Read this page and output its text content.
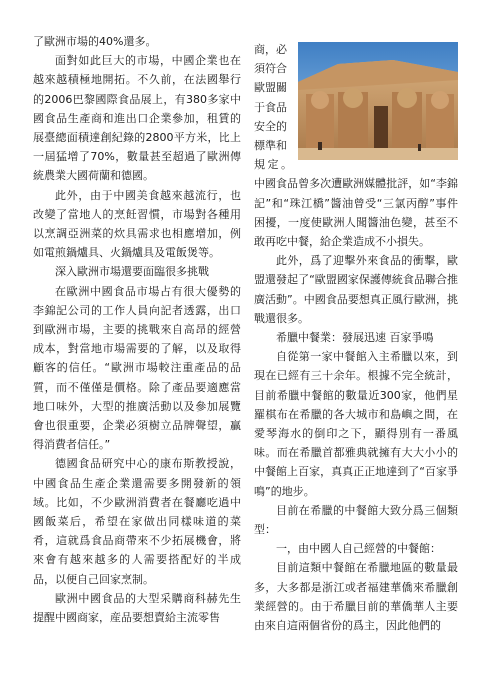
了歐洲市場的40%還多。

面對如此巨大的市場，中國企業也在越來越積極地開拓。不久前，在法國舉行的2006巴黎國際食品展上，有380多家中國食品生產商和進出口企業參加，租賃的展臺總面積達創紀錄的2800平方米，比上一屆猛增了70%，數量甚至超過了歐洲傳統農業大國荷蘭和德國。

此外，由于中國美食越來越流行，也改變了當地人的烹飪習慣，市場對各種用以烹調亞洲菜的炊具需求也相應增加，例如電煎鍋爐具、火鍋爐具及電飯煲等。

深入歐洲市場還要面臨很多挑戰

在歐洲中國食品市場占有很大優勢的李錦記公司的工作人員向記者透露，出口到歐洲市場，主要的挑戰來自高昂的經營成本，對當地市場需要的了解，以及取得顧客的信任。“歐洲市場較注重產品的品質，而不僅僅是價格。除了產品要適應當地口味外，大型的推廣活動以及參加展覽會也很重要，企業必須樹立品牌聲望，贏得消費者信任。”

德國食品研究中心的康布斯教授說，中國食品生產企業還需要多開發新的領域。比如，不少歐洲消費者在餐廳吃過中國飯菜后，希望在家做出同樣味道的菜肴，這就爲食品商帶來不少拓展機會，將來會有越來越多的人需要搭配好的半成品，以便自己回家烹制。

歐洲中國食品的大型采購商科赫先生提醒中國商家，産品要想賣給主流零售

商，必
須符合
歐盟關
于食品
安全的
標準和

規定。中國食品曾多次遭歐洲媒體批評，如“李錦記”和“珠江橋”醬油曾受“三氯丙醇”事件困擾，一度使歐洲人聞醬油色變，甚至不敢再吃中餐，給企業造成不小損失。

此外，爲了迎擊外來食品的衝擊，歐盟還發起了“歐盟國家保護傳統食品聯合推廣活動”。中國食品要想真正風行歐洲，挑戰還很多。

希臘中餐業：發展迅速 百家爭鳴

自從第一家中餐館入主希臘以來，到現在已經有三十余年。根據不完全統計，目前希臘中餐館的數量近300家，他們星羅棋布在希臘的各大城市和島嶼之間，在愛琴海水的倒印之下，顯得別有一番風味。而在希臘首都雅典就擁有大大小小的中餐館上百家，真真正正地達到了“百家爭鳴”的地步。

目前在希臘的中餐館大致分爲三個類型：

一，由中國人自己經營的中餐館：

目前這類中餐館在希臘地區的數量最多，大多都是浙江或者福建華僑來希臘創業經營的。由于希臘目前的華僑華人主要由來自這兩個省份的爲主，因此他們的
